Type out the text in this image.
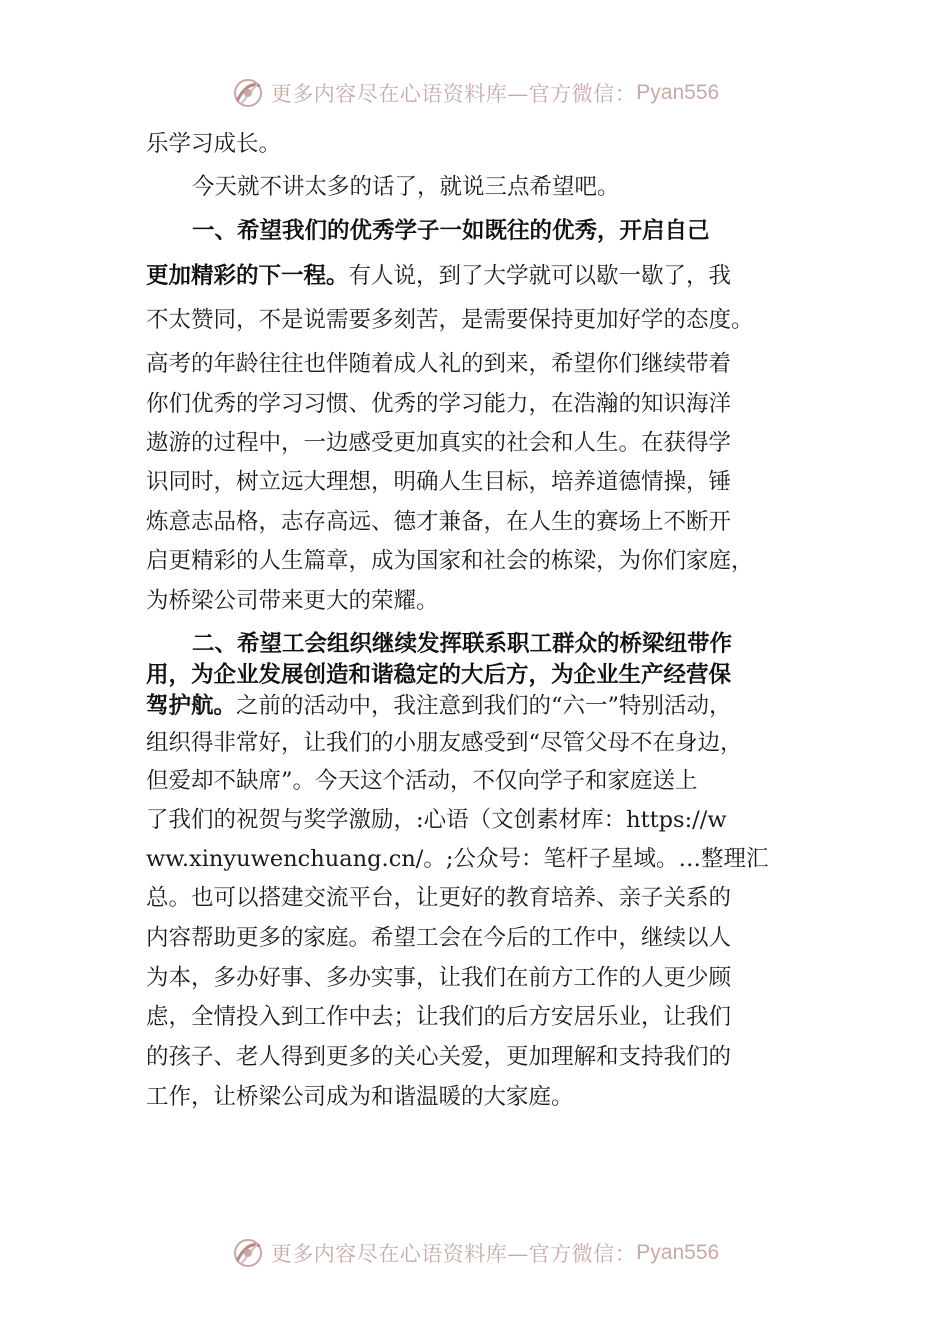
更多内容尽在心语资料库—官方微信： Pyan556
乐学习成长。
今天就不讲太多的话了，就说三点希望吧。
一、希望我们的优秀学子一如既往的优秀，开启自己
更加精彩的下一程。有人说，到了大学就可以歇一歇了，我
不太赞同，不是说需要多刻苦，是需要保持更加好学的态度。
高考的年龄往往也伴随着成人礼的到来，希望你们继续带着
你们优秀的学习习惯、优秀的学习能力，在浩瀚的知识海洋
遨游的过程中，一边感受更加真实的社会和人生。在获得学
识同时，树立远大理想，明确人生目标，培养道德情操，锤
炼意志品格，志存高远、德才兼备，在人生的赛场上不断开
启更精彩的人生篇章，成为国家和社会的栋梁，为你们家庭，
为桥梁公司带来更大的荣耀。
二、希望工会组织继续发挥联系职工群众的桥梁纽带作
用，为企业发展创造和谐稳定的大后方，为企业生产经营保
驾护航。之前的活动中，我注意到我们的“六一”特别活动，
组织得非常好，让我们的小朋友感受到“尽管父母不在身边，
但爱却不缺席”。今天这个活动，不仅向学子和家庭送上
了我们的祝贺与奖学激励，:心语（文创素材库：https://w
ww.xinyuwenchuang.cn/。;公众号：笔杆子星域。…整理汇
总。也可以搭建交流平台，让更好的教育培养、亲子关系的
内容帮助更多的家庭。希望工会在今后的工作中，继续以人
为本，多办好事、多办实事，让我们在前方工作的人更少顾
虑，全情投入到工作中去；让我们的后方安居乐业，让我们
的孩子、老人得到更多的关心关爱，更加理解和支持我们的
工作，让桥梁公司成为和谐温暖的大家庭。
更多内容尽在心语资料库—官方微信： Pyan556
